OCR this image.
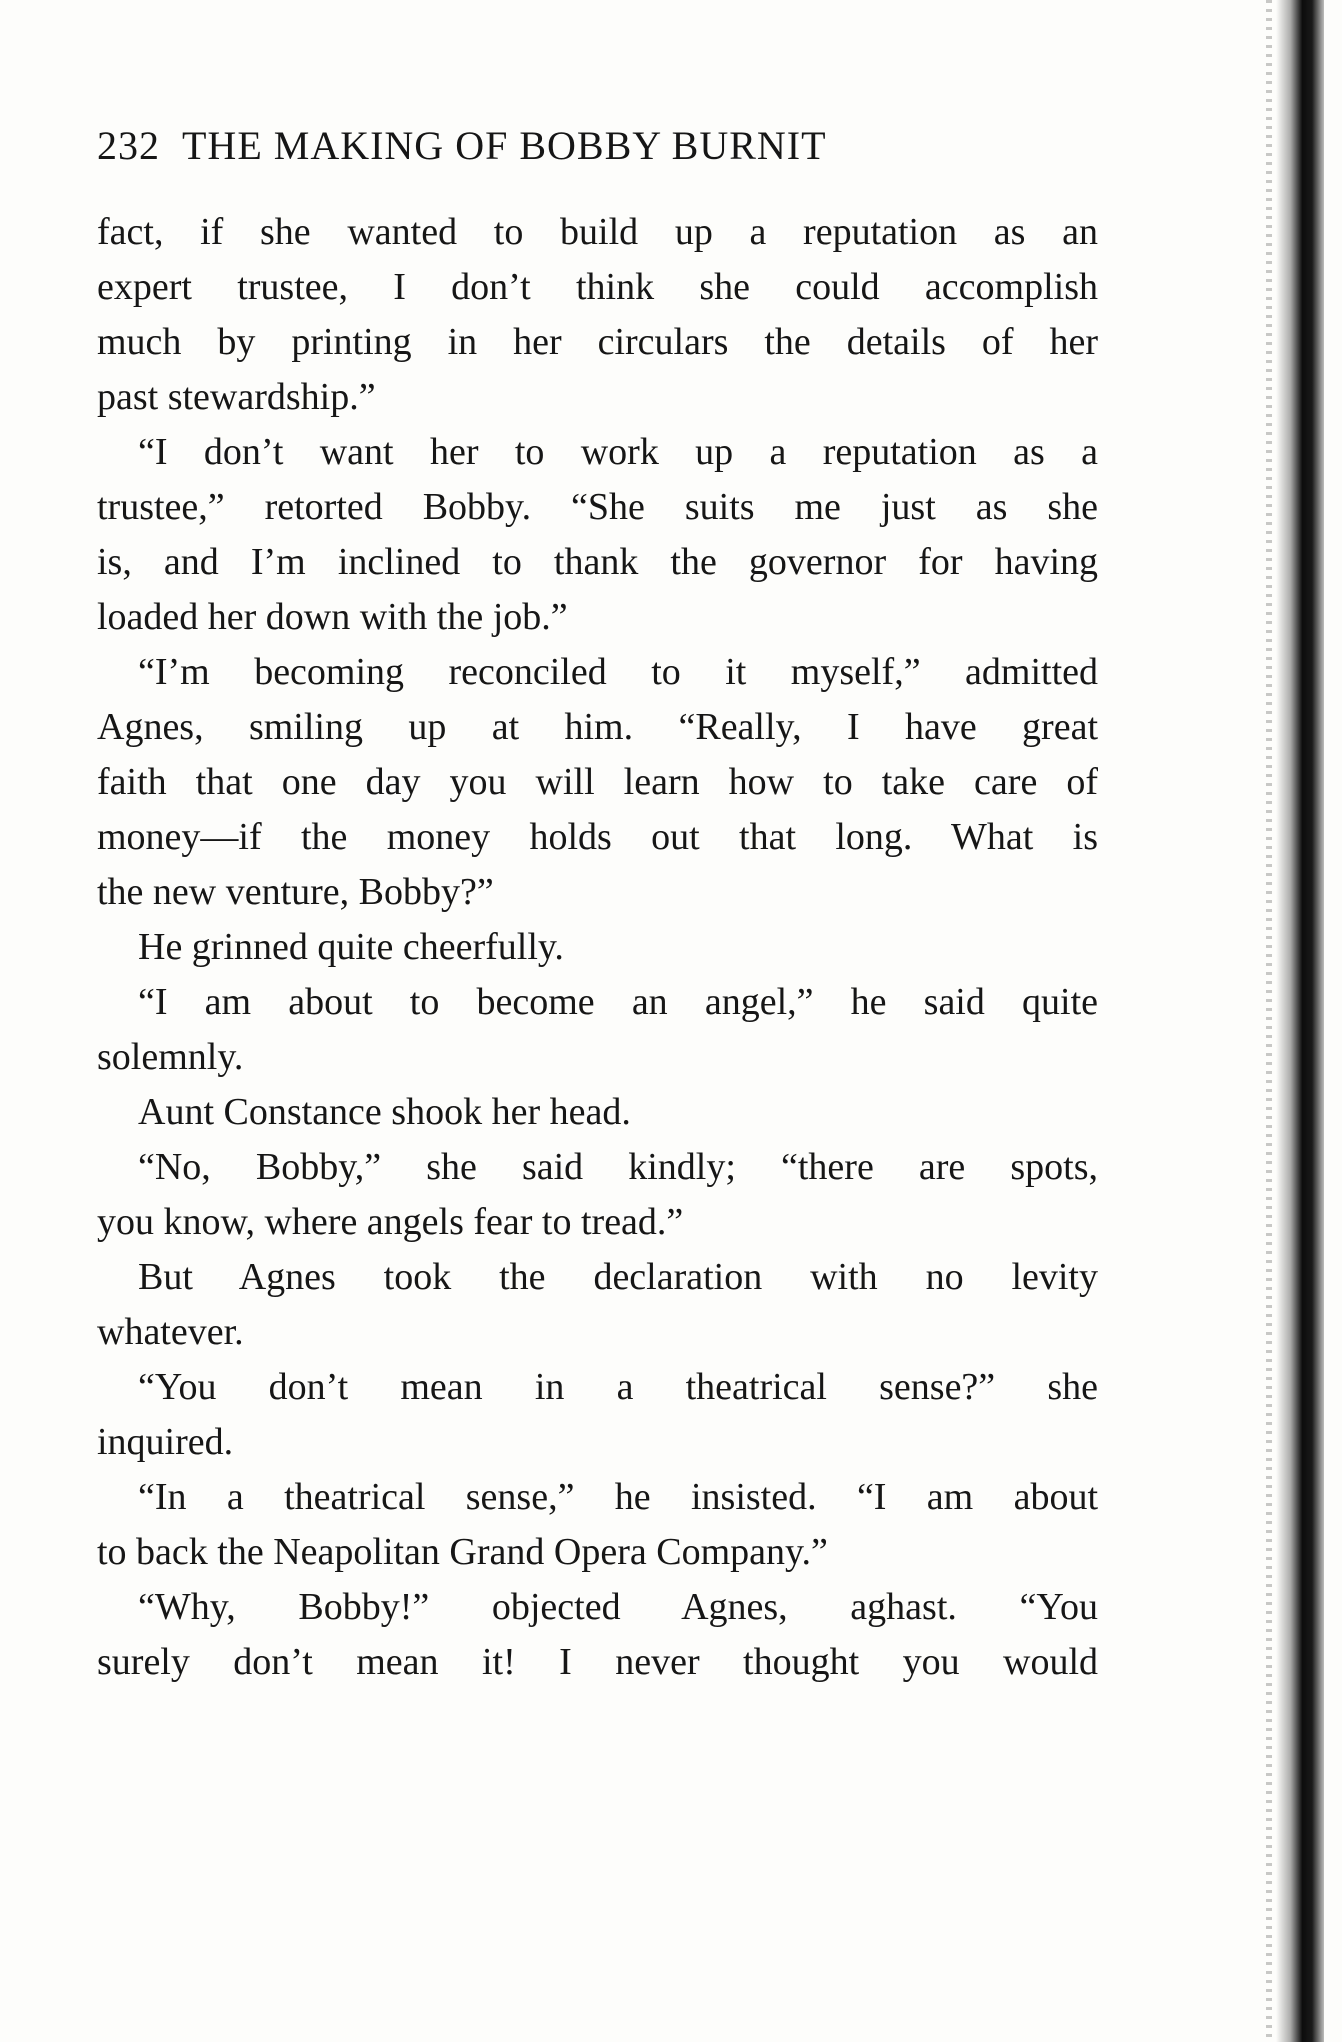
232 THE MAKING OF BOBBY BURNIT
fact, if she wanted to build up a reputation as an
expert trustee, I don’t think she could accomplish
much by printing in her circulars the details of her
past stewardship.”
“I don’t want her to work up a reputation as a
trustee,” retorted Bobby. “She suits me just as she
is, and I’m inclined to thank the governor for having
loaded her down with the job.”
“I’m becoming reconciled to it myself,” admitted
Agnes, smiling up at him. “Really, I have great
faith that one day you will learn how to take care of
money—if the money holds out that long. What is
the new venture, Bobby?”
He grinned quite cheerfully.
“I am about to become an angel,” he said quite
solemnly.
Aunt Constance shook her head.
“No, Bobby,” she said kindly; “there are spots,
you know, where angels fear to tread.”
But Agnes took the declaration with no levity
whatever.
“You don’t mean in a theatrical sense?” she
inquired.
“In a theatrical sense,” he insisted. “I am about
to back the Neapolitan Grand Opera Company.”
“Why, Bobby!” objected Agnes, aghast. “You
surely don’t mean it! I never thought you would
